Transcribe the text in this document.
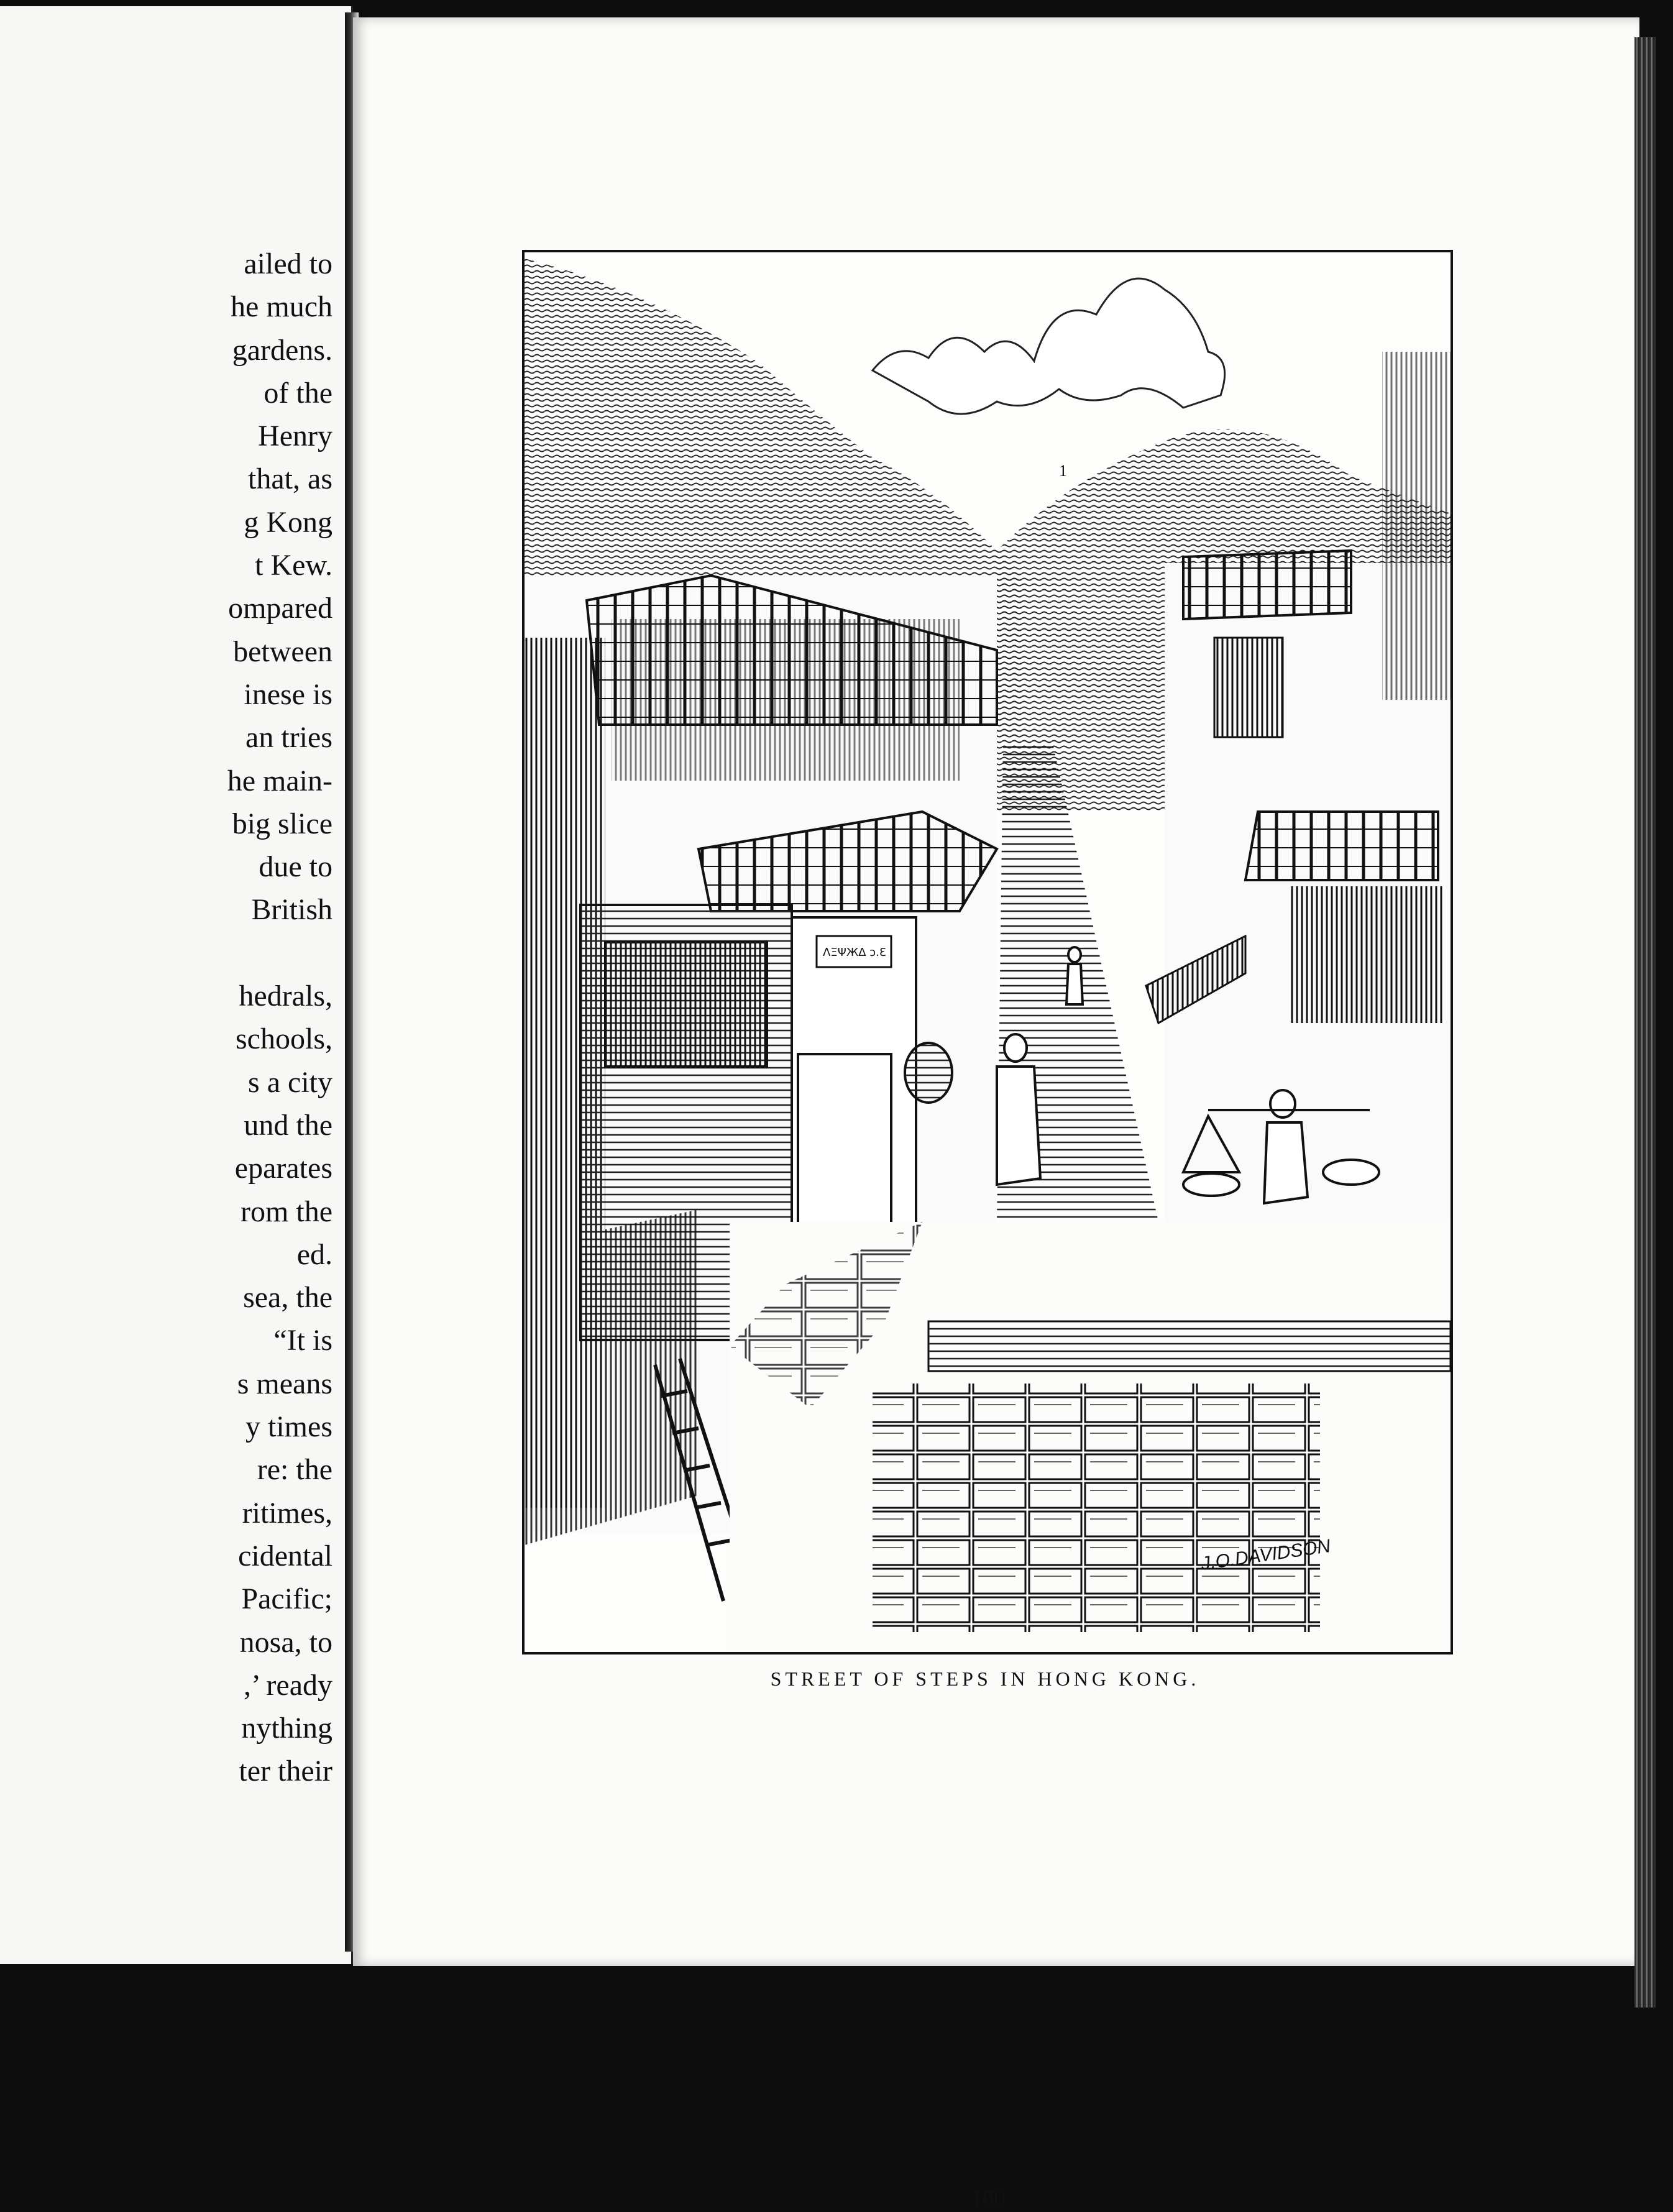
ailed to
he much
gardens.
of the
Henry
that, as
g Kong
t Kew.
ompared
between
inese is
an tries
he main-
big slice
due to
British
hedrals,
schools,
s a city
und the
eparates
rom the
ed.
sea, the
“It is
s means
y times
re: the
ritimes,
cidental
Pacific;
nosa, to
,’ ready
nything
ter their
1
ΛΞΨЖΔ ɔ.Ɛ
J.O.DAVIDSON
STREET OF STEPS IN HONG KONG.
180
